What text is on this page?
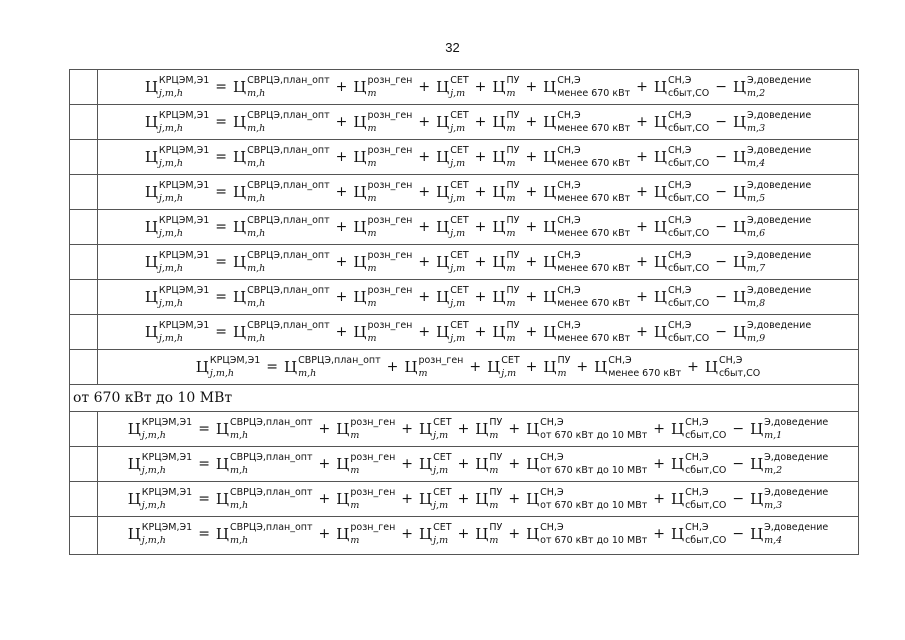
32
Ц КРЦЭМ,Э1
j,m,h	= Ц СВРЦЭ,план_опт
m,h	+ Ц розн_ген
m	+ Ц СЕТ
j,m + Ц ПУ
m + Ц СН,Э
менее 670 кВт + Ц СН,Э
сбыт,СО − Ц Э,доведение
m,2
Ц КРЦЭМ,Э1
j,m,h	= Ц СВРЦЭ,план_опт
m,h	+ Ц розн_ген
m	+ Ц СЕТ
j,m + Ц ПУ
m + Ц СН,Э
менее 670 кВт + Ц СН,Э
сбыт,СО − Ц Э,доведение
m,3
Ц КРЦЭМ,Э1
j,m,h	= Ц СВРЦЭ,план_опт
m,h	+ Ц розн_ген
m	+ Ц СЕТ
j,m + Ц ПУ
m + Ц СН,Э
менее 670 кВт + Ц СН,Э
сбыт,СО − Ц Э,доведение
m,4
Ц КРЦЭМ,Э1
j,m,h	= Ц СВРЦЭ,план_опт
m,h	+ Ц розн_ген
m	+ Ц СЕТ
j,m + Ц ПУ
m + Ц СН,Э
менее 670 кВт + Ц СН,Э
сбыт,СО − Ц Э,доведение
m,5
Ц КРЦЭМ,Э1
j,m,h	= Ц СВРЦЭ,план_опт
m,h	+ Ц розн_ген
m	+ Ц СЕТ
j,m + Ц ПУ
m + Ц СН,Э
менее 670 кВт + Ц СН,Э
сбыт,СО − Ц Э,доведение
m,6
Ц КРЦЭМ,Э1
j,m,h	= Ц СВРЦЭ,план_опт
m,h	+ Ц розн_ген
m	+ Ц СЕТ
j,m + Ц ПУ
m + Ц СН,Э
менее 670 кВт + Ц СН,Э
сбыт,СО − Ц Э,доведение
m,7
Ц КРЦЭМ,Э1
j,m,h	= Ц СВРЦЭ,план_опт
m,h	+ Ц розн_ген
m	+ Ц СЕТ
j,m + Ц ПУ
m + Ц СН,Э
менее 670 кВт + Ц СН,Э
сбыт,СО − Ц Э,доведение
m,8
Ц КРЦЭМ,Э1
j,m,h	= Ц СВРЦЭ,план_опт
m,h	+ Ц розн_ген
m	+ Ц СЕТ
j,m + Ц ПУ
m + Ц СН,Э
менее 670 кВт + Ц СН,Э
сбыт,СО − Ц Э,доведение
m,9
Ц КРЦЭМ,Э1
j,m,h	= Ц СВРЦЭ,план_опт
m,h	+ Ц розн_ген
m	+ Ц СЕТ
j,m + Ц ПУ
m + Ц СН,Э
менее 670 кВт + Ц СН,Э
сбыт,СО
от 670 кВт до 10 МВт
Ц КРЦЭМ,Э1
j,m,h	= Ц СВРЦЭ,план_опт
m,h	+ Ц розн_ген
m	+ Ц СЕТ
j,m + Ц ПУ
m + Ц СН,Э
от 670 кВт до 10 МВт + Ц СН,Э
сбыт,СО − Ц Э,доведение
m,1
Ц КРЦЭМ,Э1
j,m,h	= Ц СВРЦЭ,план_опт
m,h	+ Ц розн_ген
m	+ Ц СЕТ
j,m + Ц ПУ
m + Ц СН,Э
от 670 кВт до 10 МВт + Ц СН,Э
сбыт,СО − Ц Э,доведение
m,2
Ц КРЦЭМ,Э1
j,m,h	= Ц СВРЦЭ,план_опт
m,h	+ Ц розн_ген
m	+ Ц СЕТ
j,m + Ц ПУ
m + Ц СН,Э
от 670 кВт до 10 МВт + Ц СН,Э
сбыт,СО − Ц Э,доведение
m,3
Ц КРЦЭМ,Э1
j,m,h	= Ц СВРЦЭ,план_опт
m,h	+ Ц розн_ген
m	+ Ц СЕТ
j,m + Ц ПУ
m + Ц СН,Э
от 670 кВт до 10 МВт + Ц СН,Э
сбыт,СО − Ц Э,доведение
m,4
